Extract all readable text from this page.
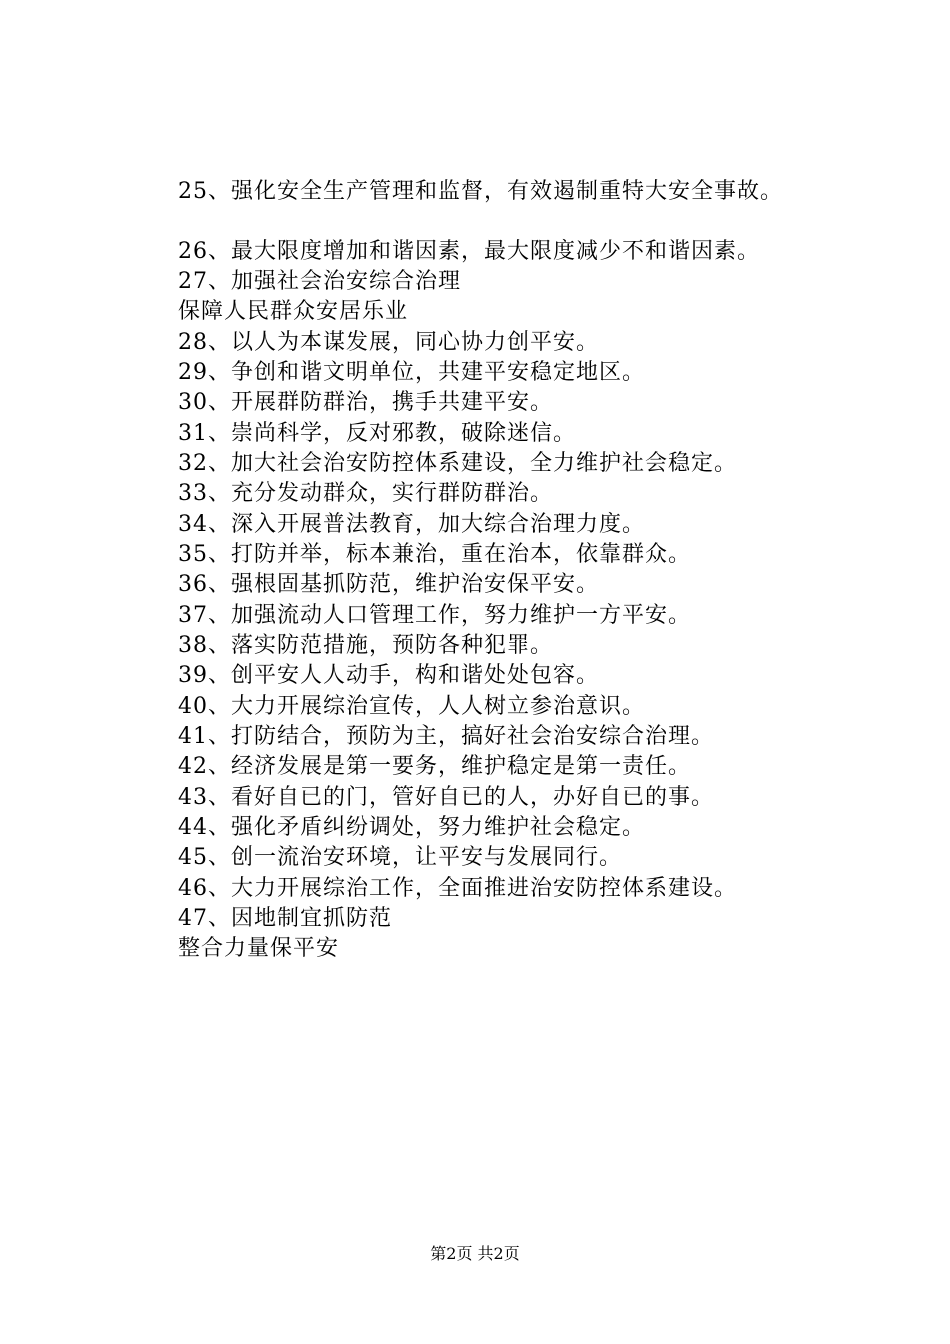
25、强化安全生产管理和监督，有效遏制重特大安全事故。
26、最大限度增加和谐因素，最大限度减少不和谐因素。
27、加强社会治安综合治理
保障人民群众安居乐业
28、以人为本谋发展，同心协力创平安。
29、争创和谐文明单位，共建平安稳定地区。
30、开展群防群治，携手共建平安。
31、崇尚科学，反对邪教，破除迷信。
32、加大社会治安防控体系建设，全力维护社会稳定。
33、充分发动群众，实行群防群治。
34、深入开展普法教育，加大综合治理力度。
35、打防并举，标本兼治，重在治本，依靠群众。
36、强根固基抓防范，维护治安保平安。
37、加强流动人口管理工作，努力维护一方平安。
38、落实防范措施，预防各种犯罪。
39、创平安人人动手，构和谐处处包容。
40、大力开展综治宣传，人人树立参治意识。
41、打防结合，预防为主，搞好社会治安综合治理。
42、经济发展是第一要务，维护稳定是第一责任。
43、看好自已的门，管好自已的人，办好自已的事。
44、强化矛盾纠纷调处，努力维护社会稳定。
45、创一流治安环境，让平安与发展同行。
46、大力开展综治工作，全面推进治安防控体系建设。
47、因地制宜抓防范
整合力量保平安
第2页 共2页
